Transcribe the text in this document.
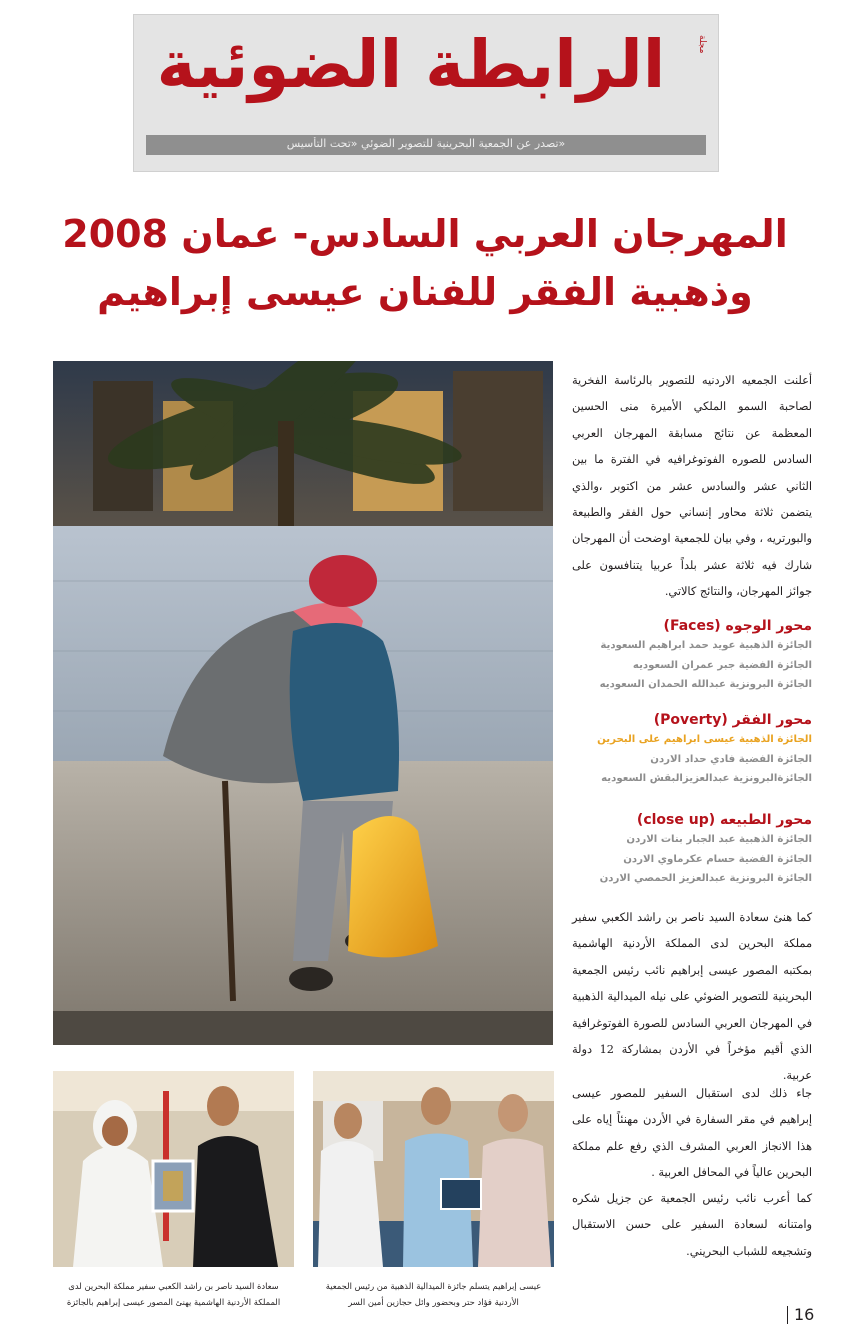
مجلة
الرابطة الضوئية
تصدر عن الجمعية البحرينية للتصوير الضوئي «تحت التأسيس»
المهرجان العربي السادس- عمان 2008
وذهبية الفقر للفنان عيسى إبراهيم
أعلنت الجمعيه الاردنيه للتصوير بالرئاسة الفخرية لصاحبة السمو الملكي الأميرة منى الحسين المعظمة عن نتائج مسابقة المهرجان العربي السادس للصوره الفوتوغرافيه في الفترة ما بين الثاني عشر والسادس عشر من اكتوبر ،والذي يتضمن ثلاثة محاور إنساني حول الفقر والطبيعة والبورتريه ، وفي بيان للجمعية اوضحت أن المهرجان شارك فيه ثلاثة عشر بلداً عربيا يتنافسون على جوائز المهرجان، والنتائج كالاتي.
محور الوجوه (Faces)
الجائزة الذهبية عويد حمد ابراهيم السعودية
الجائزة الفضية جبر عمران السعوديه
الجائزة البرونزية عبدالله الحمدان السعوديه
محور الفقر (Poverty)
الجائزة الذهبية عيسى ابراهيم على البحرين
الجائزة الفضية فادي حداد الاردن
الجائزةالبرونزية عبدالعزيزالبقش السعوديه
محور الطبيعه (close up)
الجائزة الذهبية عبد الجبار بنات الاردن
الجائزة الفضية حسام عكرماوي الاردن
الجائزة البرونزية عبدالعزيز الحمصي الاردن
كما هنئ سعادة السيد ناصر بن راشد الكعبي سفير مملكة البحرين لدى المملكة الأردنية الهاشمية بمكتبه المصور عيسى إبراهيم نائب رئيس الجمعية البحرينية للتصوير الضوئي على نيله الميدالية الذهبية في المهرجان العربي السادس للصورة الفوتوغرافية الذي أقيم مؤخراً في الأردن بمشاركة 12 دولة عربية.
جاء ذلك لدى استقبال السفير للمصور عيسى إبراهيم في مقر السفارة في الأردن مهنئاً إياه على هذا الانجاز العربي المشرف الذي رفع علم مملكة البحرين عالياً في المحافل العربية .
كما أعرب نائب رئيس الجمعية عن جزيل شكره وامتنانه لسعادة السفير على حسن الاستقبال وتشجيعه للشباب البحريني.
سعادة السيد ناصر بن راشد الكعبي سفير مملكة البحرين لدى
المملكة الأردنية الهاشمية يهنئ المصور عيسى إبراهيم بالجائزة
عيسى إبراهيم يتسلم جائزة الميدالية الذهبية من رئيس الجمعية
الأردنية فؤاد حتر وبحضور وائل حجازين أمين السر
16
